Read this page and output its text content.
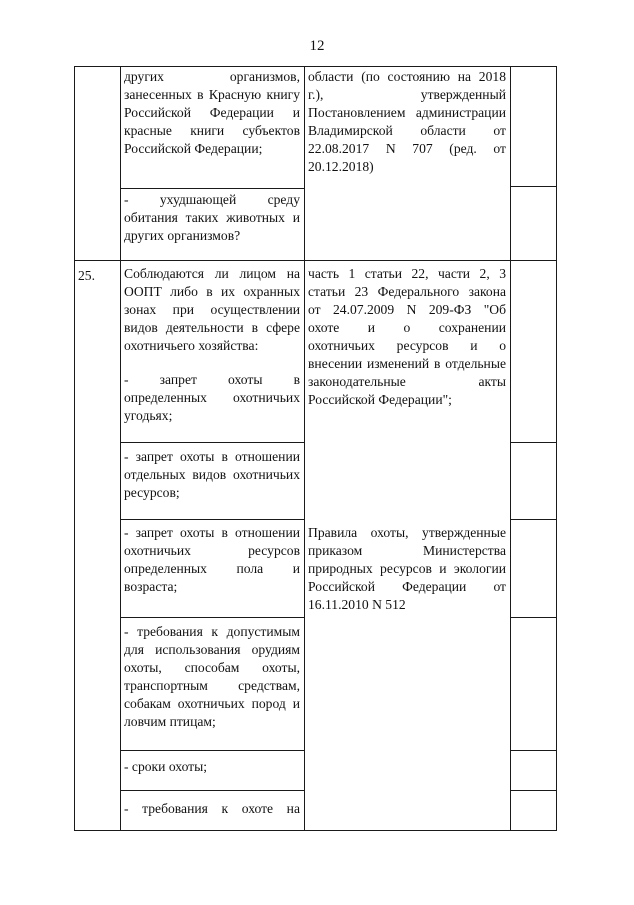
12
других организмов,
занесенных в Красную книгу
Российской Федерации и
красные книги субъектов
Российской Федерации;
- ухудшающей среду
обитания таких животных и
других организмов?
области (по состоянию на 2018
г.), утвержденный
Постановлением администрации
Владимирской области от
22.08.2017 N 707 (ред. от
20.12.2018)
25. Соблюдаются ли лицом на
ООПТ либо в их охранных
зонах при осуществлении
видов деятельности в сфере
охотничьего хозяйства:
- запрет охоты в
определенных охотничьих
угодьях;
- запрет охоты в отношении
отдельных видов охотничьих
ресурсов;
- запрет охоты в отношении
охотничьих ресурсов
определенных пола и
возраста;
- требования к допустимым
для использования орудиям
охоты, способам охоты,
транспортным средствам,
собакам охотничьих пород и
ловчим птицам;
- сроки охоты;
- требования к охоте на
часть 1 статьи 22, части 2, 3
статьи 23 Федерального закона
от 24.07.2009 N 209-ФЗ "Об
охоте и о сохранении
охотничьих ресурсов и о
внесении изменений в отдельные
законодательные акты
Российской Федерации";
Правила охоты, утвержденные
приказом Министерства
природных ресурсов и экологии
Российской Федерации от
16.11.2010 N 512
